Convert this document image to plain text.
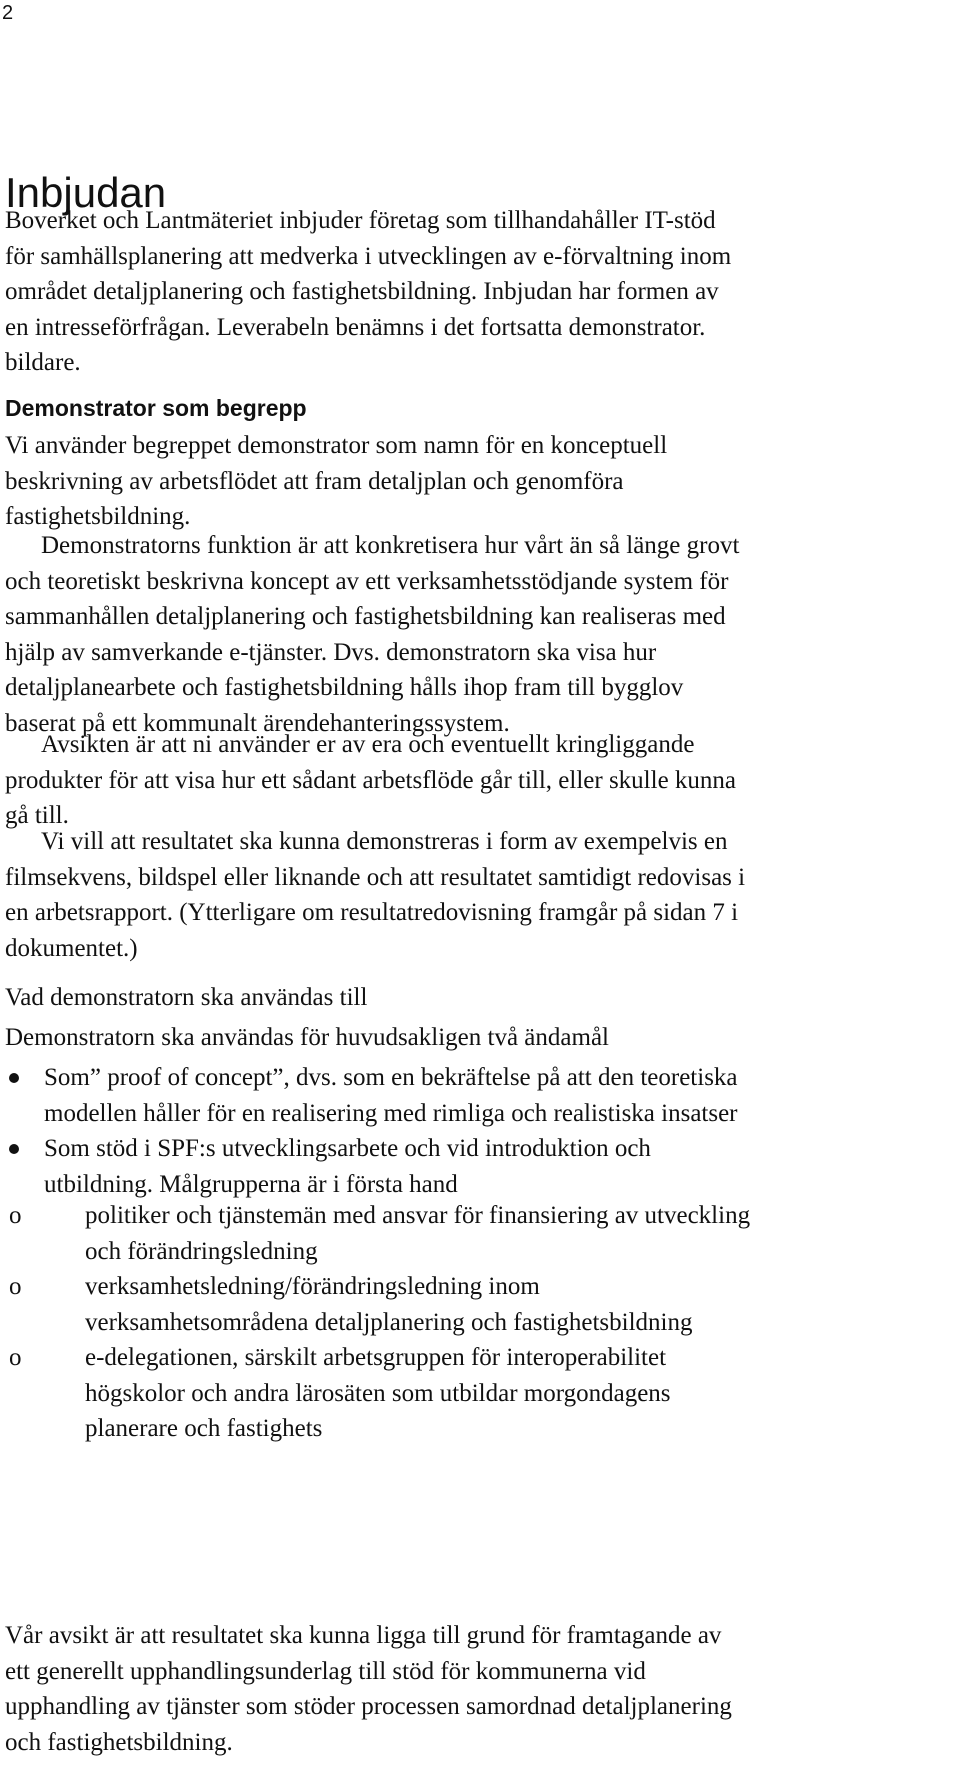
2
Inbjudan
Boverket och Lantmäteriet inbjuder företag som tillhandahåller IT-stöd
för samhällsplanering att medverka i utvecklingen av e-förvaltning inom
området detaljplanering och fastighetsbildning. Inbjudan har formen av
en intresseförfrågan. Leverabeln benämns i det fortsatta demonstrator.
bildare.
Demonstrator som begrepp
Vi använder begreppet demonstrator som namn för en konceptuell
beskrivning av arbetsflödet att fram detaljplan och genomföra
fastighetsbildning.
Demonstratorns funktion är att konkretisera hur vårt än så länge grovt
och teoretiskt beskrivna koncept av ett verksamhetsstödjande system för
sammanhållen detaljplanering och fastighetsbildning kan realiseras med
hjälp av samverkande e-tjänster. Dvs. demonstratorn ska visa hur
detaljplanearbete och fastighetsbildning hålls ihop fram till bygglov
baserat på ett kommunalt ärendehanteringssystem.
Avsikten är att ni använder er av era och eventuellt kringliggande
produkter för att visa hur ett sådant arbetsflöde går till, eller skulle kunna
gå till.
Vi vill att resultatet ska kunna demonstreras i form av exempelvis en
filmsekvens, bildspel eller liknande och att resultatet samtidigt redovisas i
en arbetsrapport. (Ytterligare om resultatredovisning framgår på sidan 7 i
dokumentet.)
Vad demonstratorn ska användas till

Demonstratorn ska användas för huvudsakligen två ändamål

Som” proof of concept”, dvs. som en bekräftelse på att den teoretiska
modellen håller för en realisering med rimliga och realistiska insatser
Som stöd i SPF:s utvecklingsarbete och vid introduktion och
utbildning. Målgrupperna är i första hand
o	politiker och tjänstemän med ansvar för finansiering av utveckling
och förändringsledning
o	verksamhetsledning/förändringsledning inom
verksamhetsområdena detaljplanering och fastighetsbildning
o	e-delegationen, särskilt arbetsgruppen för interoperabilitet
högskolor och andra lärosäten som utbildar morgondagens
planerare och fastighets
Vår avsikt är att resultatet ska kunna ligga till grund för framtagande av
ett generellt upphandlingsunderlag till stöd för kommunerna vid
upphandling av tjänster som stöder processen samordnad detaljplanering
och fastighetsbildning.
